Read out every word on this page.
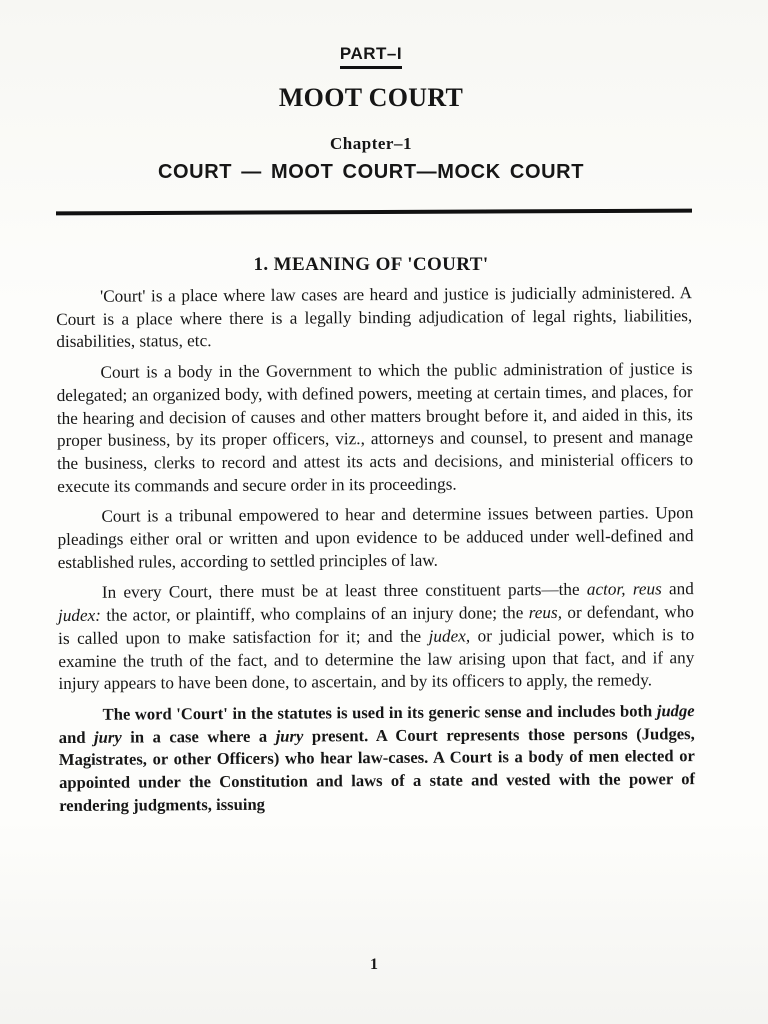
PART–I
MOOT COURT
Chapter–1
COURT — MOOT COURT—MOCK COURT
1. MEANING OF 'COURT'

'Court' is a place where law cases are heard and justice is judicially administered. A Court is a place where there is a legally binding adjudication of legal rights, liabilities, disabilities, status, etc.

Court is a body in the Government to which the public administration of justice is delegated; an organized body, with defined powers, meeting at certain times, and places, for the hearing and decision of causes and other matters brought before it, and aided in this, its proper business, by its proper officers, viz., attorneys and counsel, to present and manage the business, clerks to record and attest its acts and decisions, and ministerial officers to execute its commands and secure order in its proceedings.

Court is a tribunal empowered to hear and determine issues between parties. Upon pleadings either oral or written and upon evidence to be adduced under well-defined and established rules, according to settled principles of law.

In every Court, there must be at least three constituent parts—the actor, reus and judex: the actor, or plaintiff, who complains of an injury done; the reus, or defendant, who is called upon to make satisfaction for it; and the judex, or judicial power, which is to examine the truth of the fact, and to determine the law arising upon that fact, and if any injury appears to have been done, to ascertain, and by its officers to apply, the remedy.

The word 'Court' in the statutes is used in its generic sense and includes both judge and jury in a case where a jury present. A Court represents those persons (Judges, Magistrates, or other Officers) who hear law-cases. A Court is a body of men elected or appointed under the Constitution and laws of a state and vested with the power of rendering judgments, issuing

1
